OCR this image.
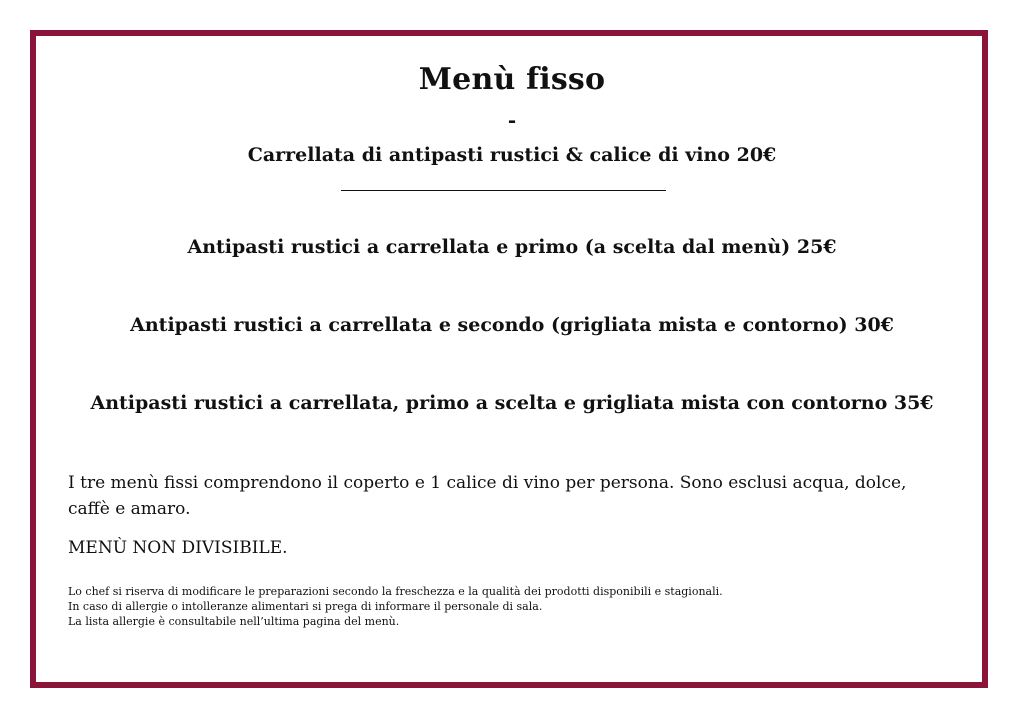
Menù fisso
-
Carrellata di antipasti rustici & calice di vino 20€
Antipasti rustici a carrellata e primo (a scelta dal menù) 25€
Antipasti rustici a carrellata e secondo (grigliata mista e contorno) 30€
Antipasti rustici a carrellata, primo a scelta e grigliata mista con contorno 35€
I tre menù fissi comprendono il coperto e 1 calice di vino per persona. Sono esclusi acqua, dolce, caffè e amaro.
MENÙ NON DIVISIBILE.
Lo chef si riserva di modificare le preparazioni secondo la freschezza e la qualità dei prodotti disponibili e stagionali.
In caso di allergie o intolleranze alimentari si prega di informare il personale di sala.
La lista allergie è consultabile nell’ultima pagina del menù.
